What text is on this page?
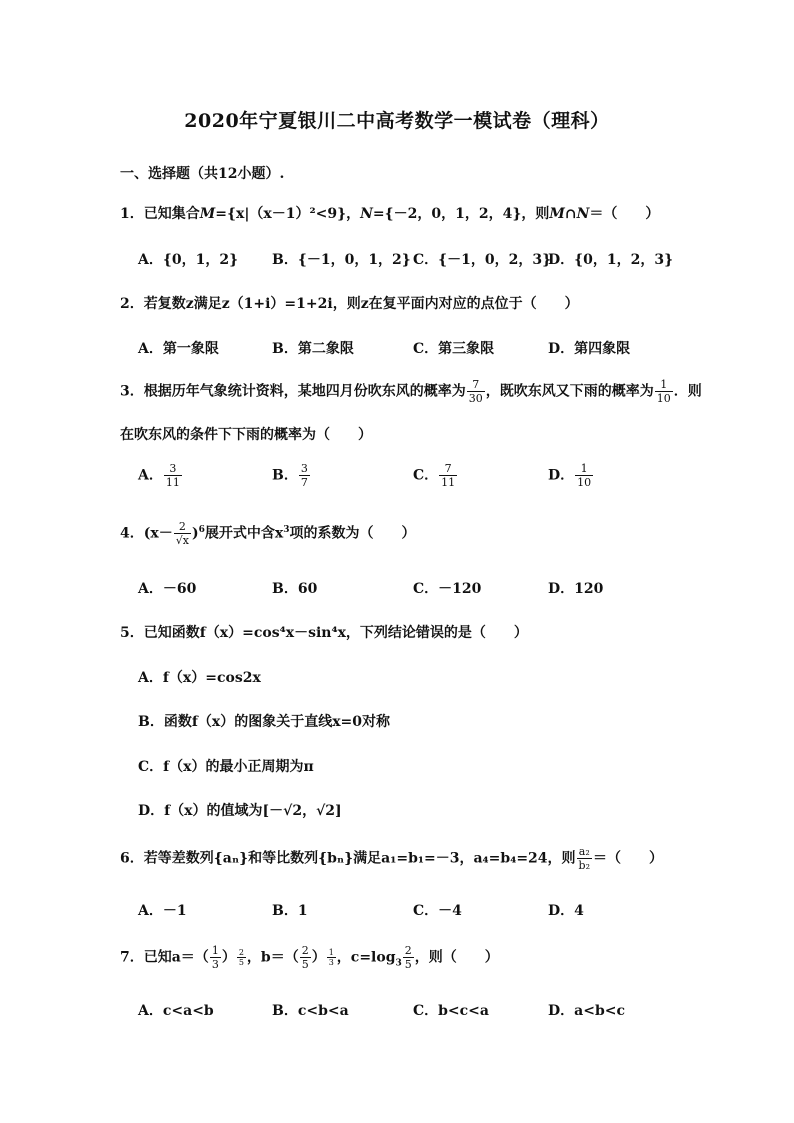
2020年宁夏银川二中高考数学一模试卷（理科）
一、选择题（共12小题）.
1．已知集合M={x|（x－1）²<9}，N={－2，0，1，2，4}，则M∩N＝（　　）
A．{0，1，2} B．{－1，0，1，2} C．{－1，0，2，3}
D．{0，1，2，3}
2．若复数z满足z（1+i）=1+2i，则z在复平面内对应的点位于（　　）
A．第一象限	B．第二象限	C．第三象限	D．第四象限
3．根据历年气象统计资料，某地四月份吹东风的概率为 $\frac{7}{30}$ ，既吹东风又下雨的概率为 $\frac{1}{10}$ ．则
在吹东风的条件下下雨的概率为（　　）
A． $\frac{3}{11}$	B． $\frac{3}{7}$	C． $\frac{7}{11}$	D． $\frac{1}{10}$
4．$(x- \frac{2}{√x} )^6$展开式中含$x^3$项的系数为（　　）
A．－60	B．60	C．－120	D．120
5．已知函数f（x）=cos⁴x－sin⁴x，下列结论错误的是（　　）
A．f（x）=cos2x
B．函数f（x）的图象关于直线x=0对称
C．f（x）的最小正周期为π
D．f（x）的值域为[－√2，√2]
6．若等差数列{aₙ}和等比数列{bₙ}满足a₁=b₁=－3，a₄=b₄=24，则 $\frac{\text{a₂}}{\text{b₂}}$ ＝（　　）
A．－1	B．1	C．－4	D．4
7．已知$a=( \frac{1}{3}$ ） $\frac{2}{5}$ ，$b=( \frac{2}{5}$ ） $\frac{1}{3}$ ，$c=\log_3 \frac{2}{5}$ ，则（　　）
A．c<a<b	B．c<b<a	C．b<c<a	D．a<b<c
